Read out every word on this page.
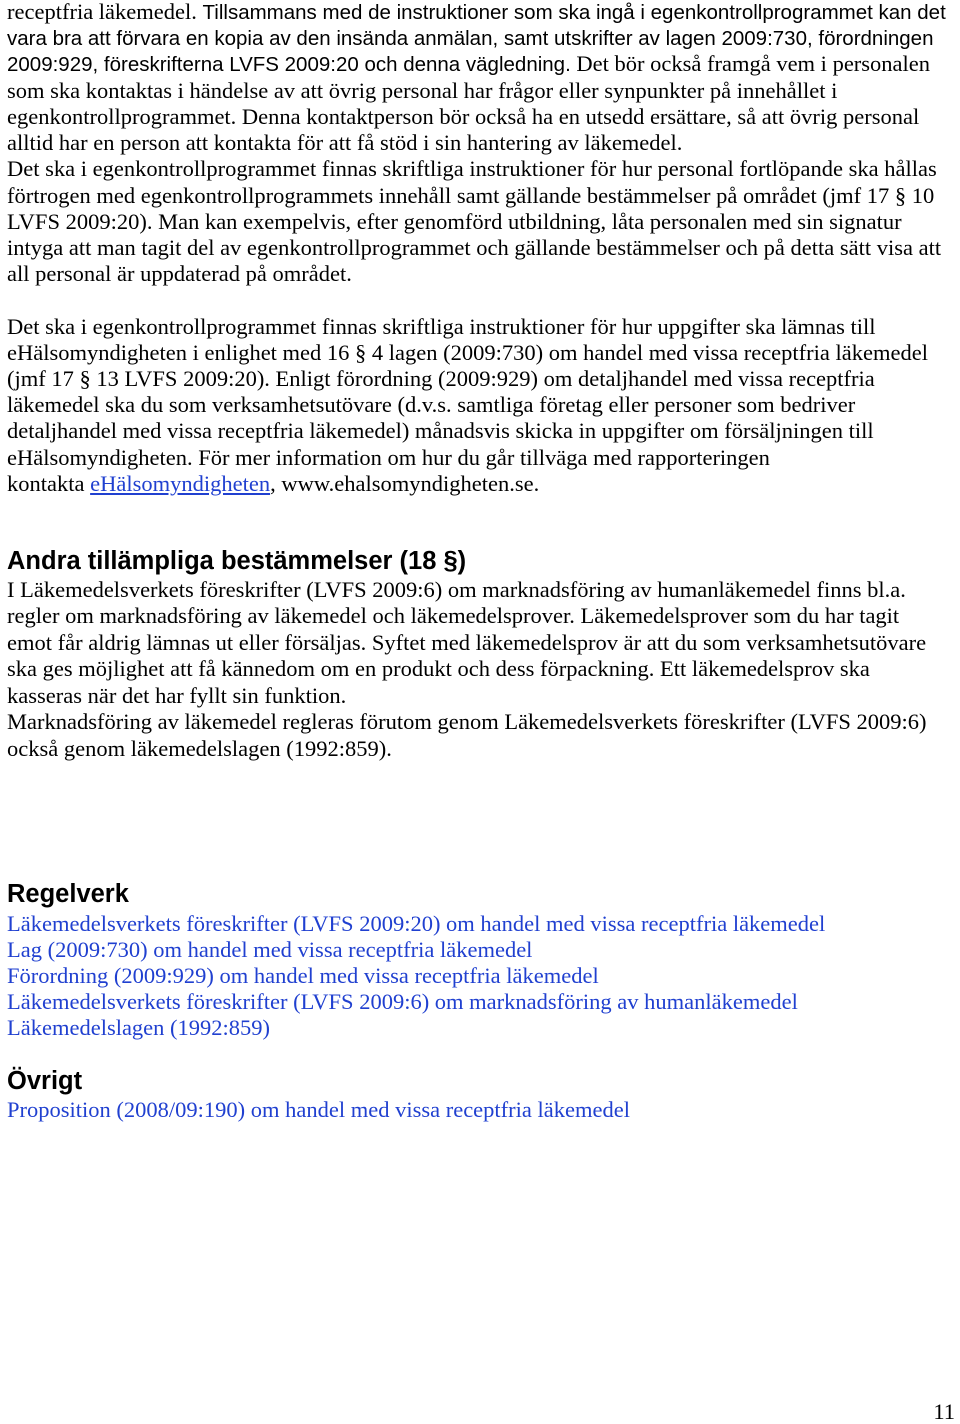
receptfria läkemedel. Tillsammans med de instruktioner som ska ingå i egenkontrollprogrammet kan det
vara bra att förvara en kopia av den insända anmälan, samt utskrifter av lagen 2009:730, förordningen
2009:929, föreskrifterna LVFS 2009:20 och denna vägledning. Det bör också framgå vem i personalen
som ska kontaktas i händelse av att övrig personal har frågor eller synpunkter på innehållet i
egenkontrollprogrammet. Denna kontaktperson bör också ha en utsedd ersättare, så att övrig personal
alltid har en person att kontakta för att få stöd i sin hantering av läkemedel.
Det ska i egenkontrollprogrammet finnas skriftliga instruktioner för hur personal fortlöpande ska hållas
förtrogen med egenkontrollprogrammets innehåll samt gällande bestämmelser på området (jmf 17 § 10
LVFS 2009:20). Man kan exempelvis, efter genomförd utbildning, låta personalen med sin signatur
intyga att man tagit del av egenkontrollprogrammet och gällande bestämmelser och på detta sätt visa att
all personal är uppdaterad på området.
Det ska i egenkontrollprogrammet finnas skriftliga instruktioner för hur uppgifter ska lämnas till
eHälsomyndigheten i enlighet med 16 § 4 lagen (2009:730) om handel med vissa receptfria läkemedel
(jmf 17 § 13 LVFS 2009:20). Enligt förordning (2009:929) om detaljhandel med vissa receptfria
läkemedel ska du som verksamhetsutövare (d.v.s. samtliga företag eller personer som bedriver
detaljhandel med vissa receptfria läkemedel) månadsvis skicka in uppgifter om försäljningen till
eHälsomyndigheten. För mer information om hur du går tillväga med rapporteringen
kontakta eHälsomyndigheten, www.ehalsomyndigheten.se.
Andra tillämpliga bestämmelser (18 §)
I Läkemedelsverkets föreskrifter (LVFS 2009:6) om marknadsföring av humanläkemedel finns bl.a.
regler om marknadsföring av läkemedel och läkemedelsprover. Läkemedelsprover som du har tagit
emot får aldrig lämnas ut eller försäljas. Syftet med läkemedelsprov är att du som verksamhetsutövare
ska ges möjlighet att få kännedom om en produkt och dess förpackning. Ett läkemedelsprov ska
kasseras när det har fyllt sin funktion.
Marknadsföring av läkemedel regleras förutom genom Läkemedelsverkets föreskrifter (LVFS 2009:6)
också genom läkemedelslagen (1992:859).
Regelverk
Läkemedelsverkets föreskrifter (LVFS 2009:20) om handel med vissa receptfria läkemedel
Lag (2009:730) om handel med vissa receptfria läkemedel
Förordning (2009:929) om handel med vissa receptfria läkemedel
Läkemedelsverkets föreskrifter (LVFS 2009:6) om marknadsföring av humanläkemedel
Läkemedelslagen (1992:859)
Övrigt
Proposition (2008/09:190) om handel med vissa receptfria läkemedel
11
